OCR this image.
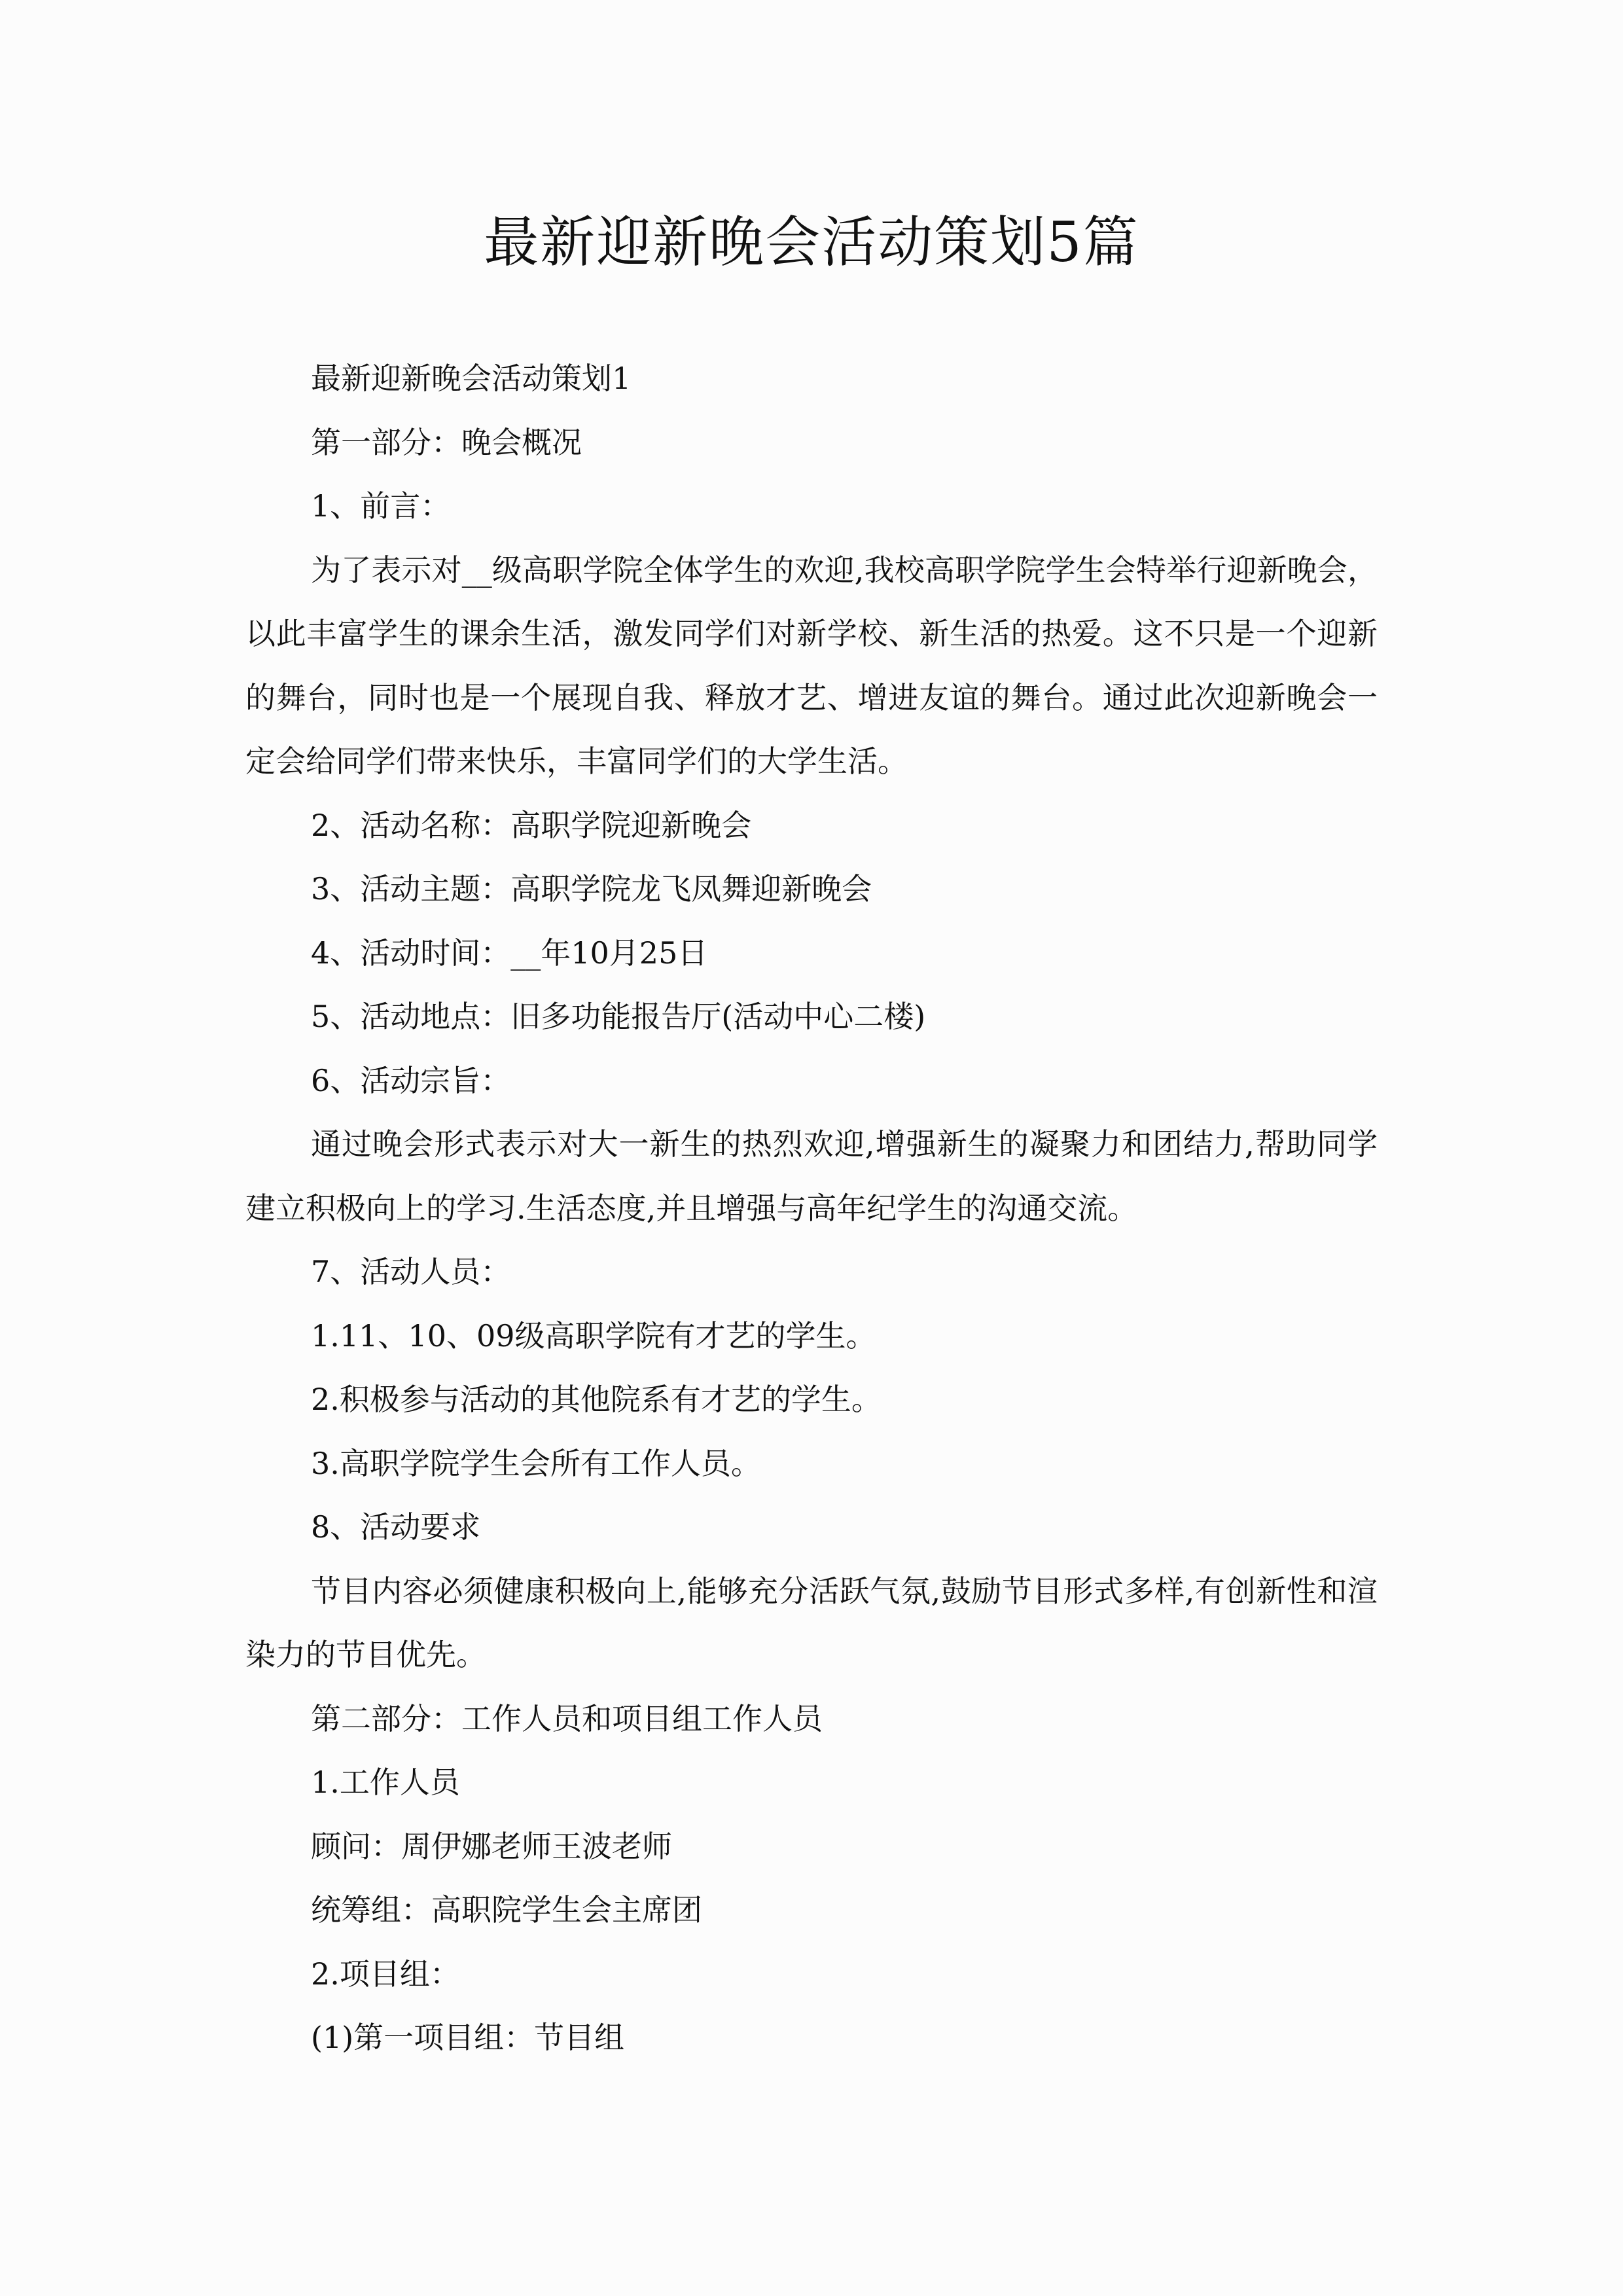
最新迎新晚会活动策划5篇

最新迎新晚会活动策划1

第一部分：晚会概况

1、前言：

为了表示对__级高职学院全体学生的欢迎,我校高职学院学生会特举行迎新晚会，以此丰富学生的课余生活，激发同学们对新学校、新生活的热爱。这不只是一个迎新的舞台，同时也是一个展现自我、释放才艺、增进友谊的舞台。通过此次迎新晚会一定会给同学们带来快乐，丰富同学们的大学生活。

2、活动名称：高职学院迎新晚会

3、活动主题：高职学院龙飞凤舞迎新晚会

4、活动时间：__年10月25日

5、活动地点：旧多功能报告厅(活动中心二楼)

6、活动宗旨：

通过晚会形式表示对大一新生的热烈欢迎,增强新生的凝聚力和团结力,帮助同学建立积极向上的学习.生活态度,并且增强与高年纪学生的沟通交流。

7、活动人员：

1.11、10、09级高职学院有才艺的学生。

2.积极参与活动的其他院系有才艺的学生。

3.高职学院学生会所有工作人员。

8、活动要求

节目内容必须健康积极向上,能够充分活跃气氛,鼓励节目形式多样,有创新性和渲染力的节目优先。

第二部分：工作人员和项目组工作人员

1.工作人员

顾问：周伊娜老师王波老师

统筹组：高职院学生会主席团

2.项目组：

(1)第一项目组：节目组
